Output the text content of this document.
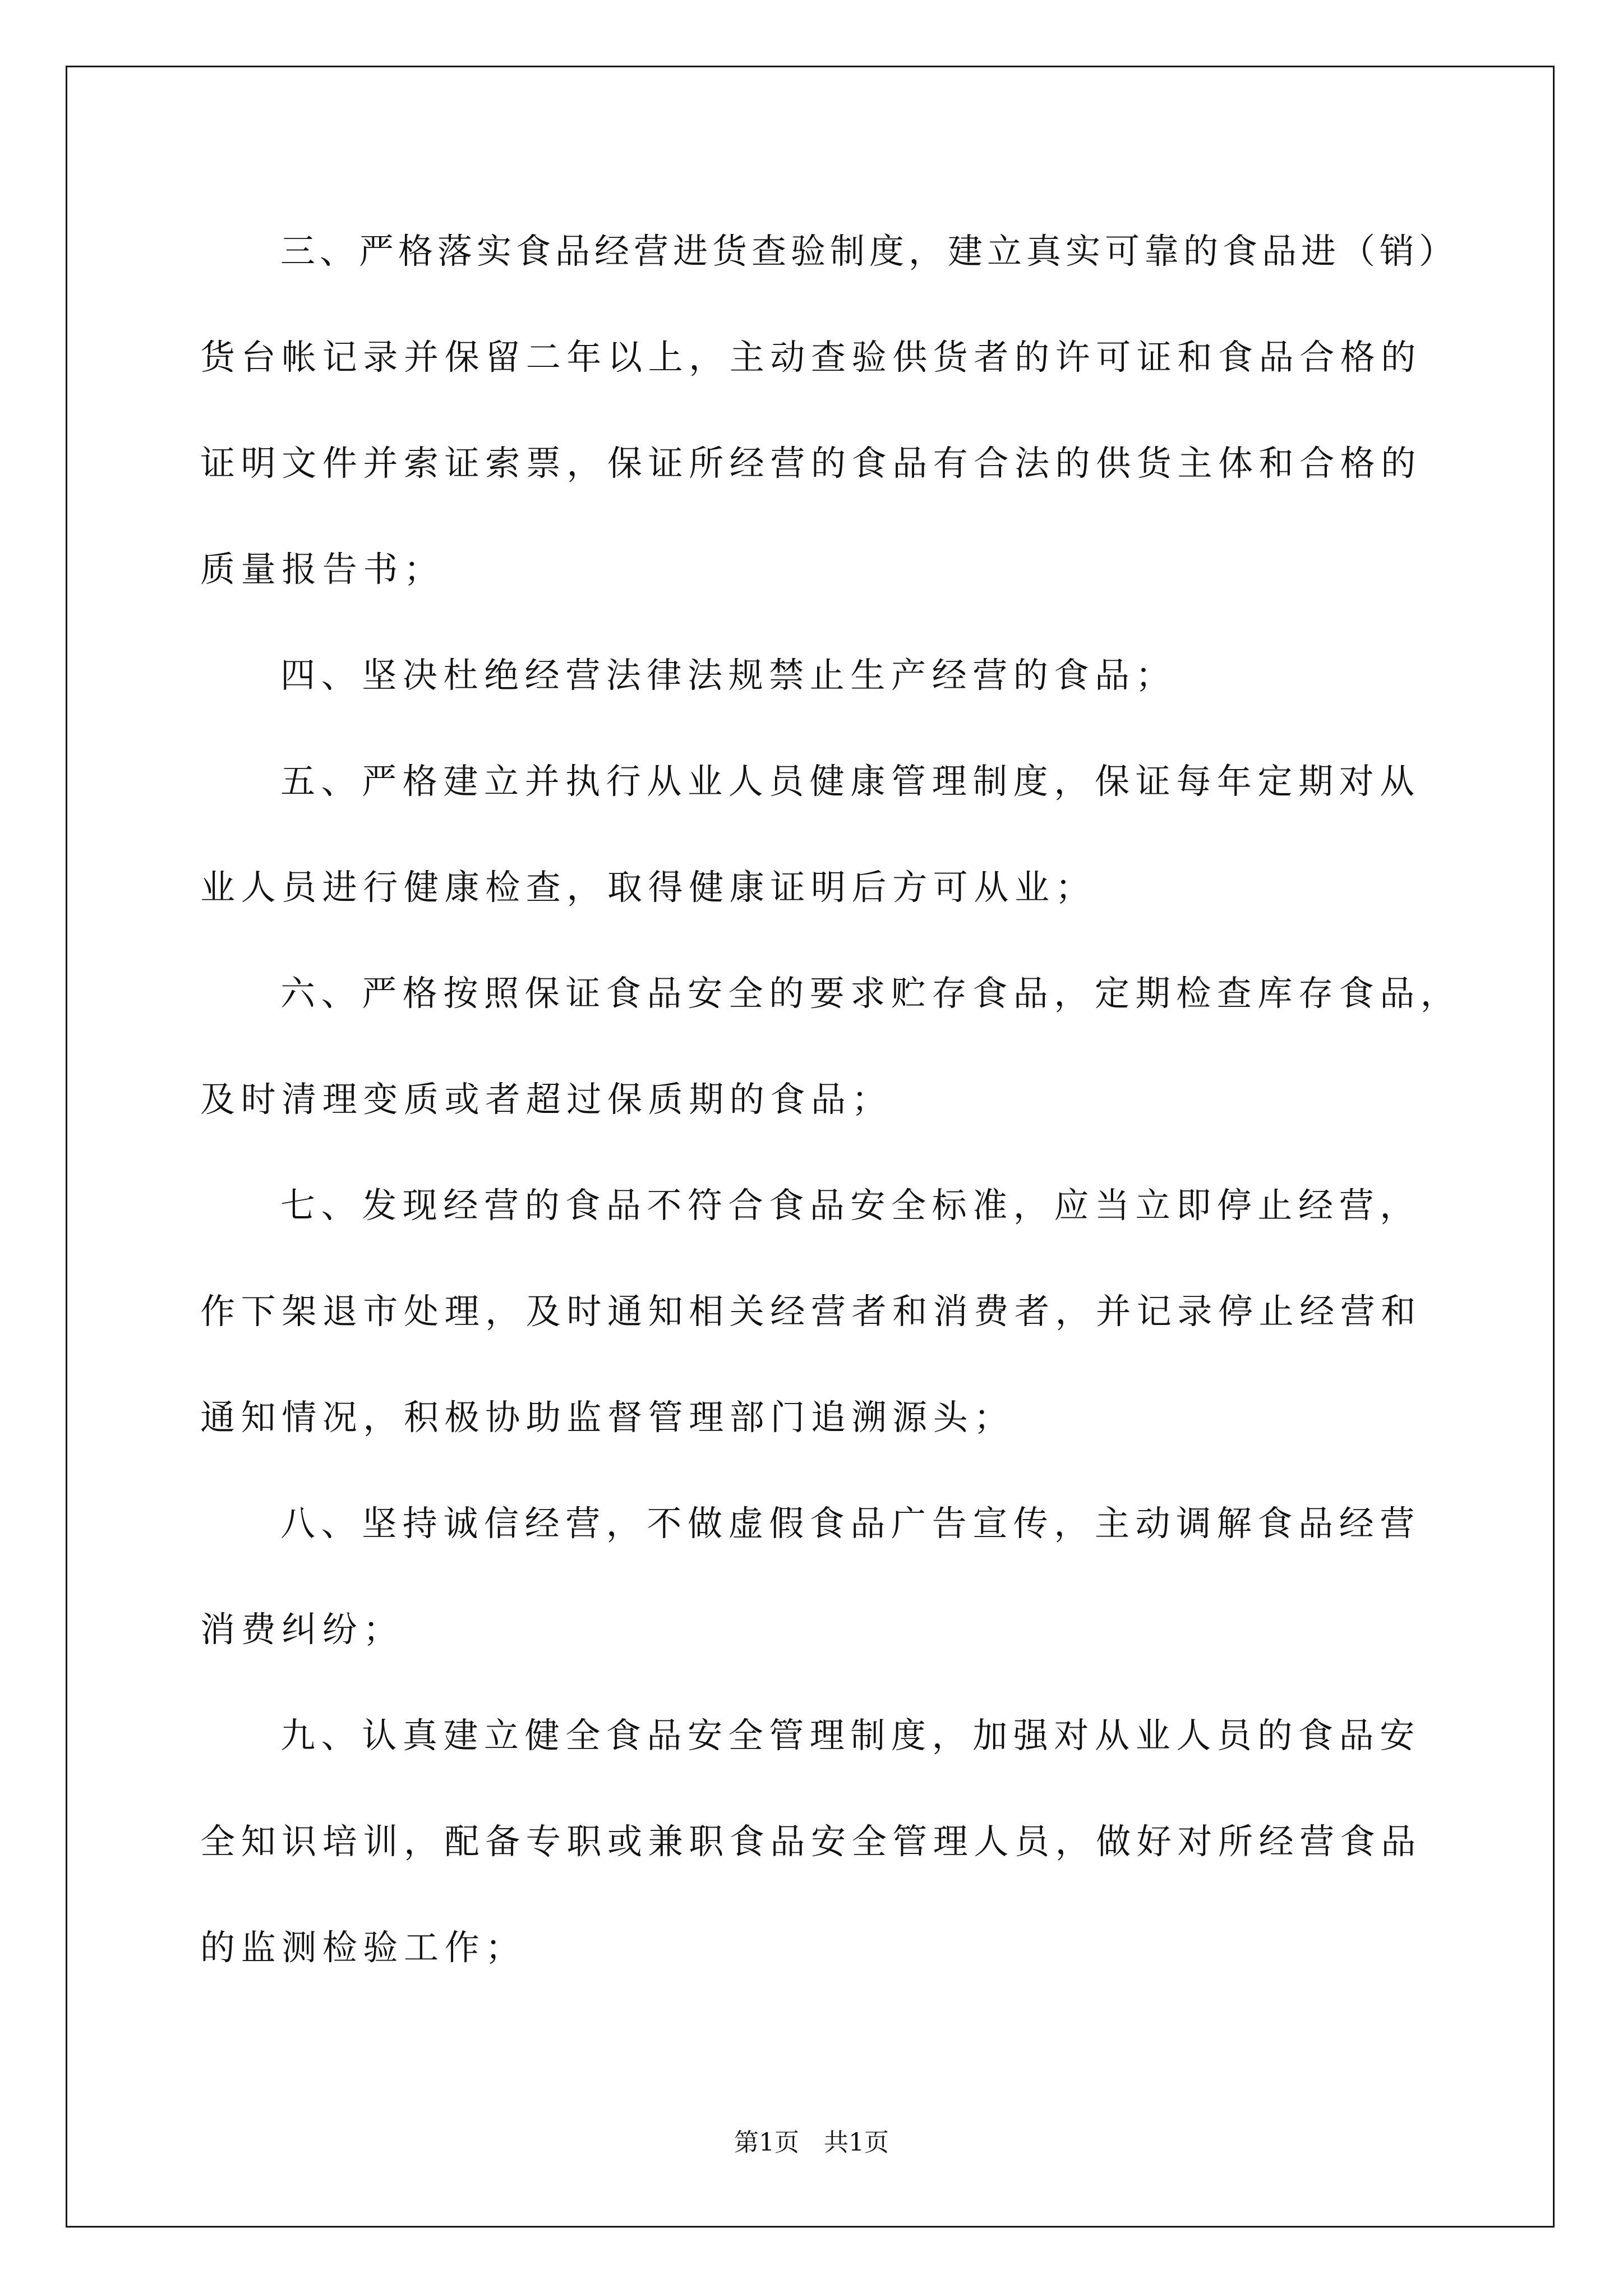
三、严格落实食品经营进货查验制度，建立真实可靠的食品进（销）
货台帐记录并保留二年以上，主动查验供货者的许可证和食品合格的
证明文件并索证索票，保证所经营的食品有合法的供货主体和合格的
质量报告书；
四、坚决杜绝经营法律法规禁止生产经营的食品；
五、严格建立并执行从业人员健康管理制度，保证每年定期对从
业人员进行健康检查，取得健康证明后方可从业；
六、严格按照保证食品安全的要求贮存食品，定期检查库存食品，
及时清理变质或者超过保质期的食品；
七、发现经营的食品不符合食品安全标准，应当立即停止经营，
作下架退市处理，及时通知相关经营者和消费者，并记录停止经营和
通知情况，积极协助监督管理部门追溯源头；
八、坚持诚信经营，不做虚假食品广告宣传，主动调解食品经营
消费纠纷；
九、认真建立健全食品安全管理制度，加强对从业人员的食品安
全知识培训，配备专职或兼职食品安全管理人员，做好对所经营食品
的监测检验工作；
第1页 共1页
